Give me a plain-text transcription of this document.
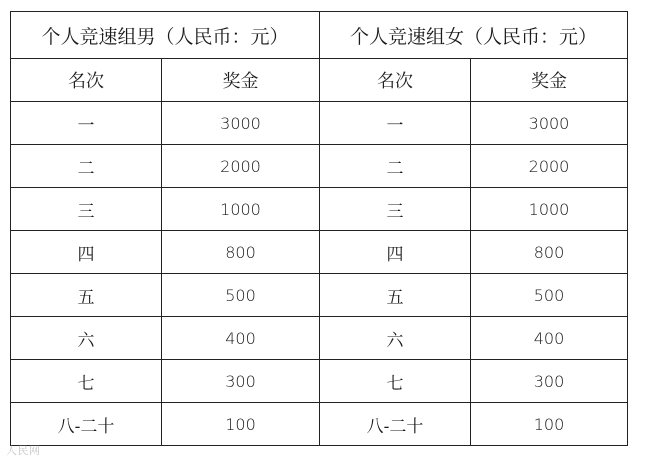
个人竞速组男（人民币：元）		个人竞速组女（人民币：元）	
名次	奖金	名次	奖金
一	3000	一	3000
二	2000	二	2000
三	1000	三	1000
四	800	四	800
五	500	五	500
六	400	六	400
七	300	七	300
八-二十	100	八-二十	100
人民网
